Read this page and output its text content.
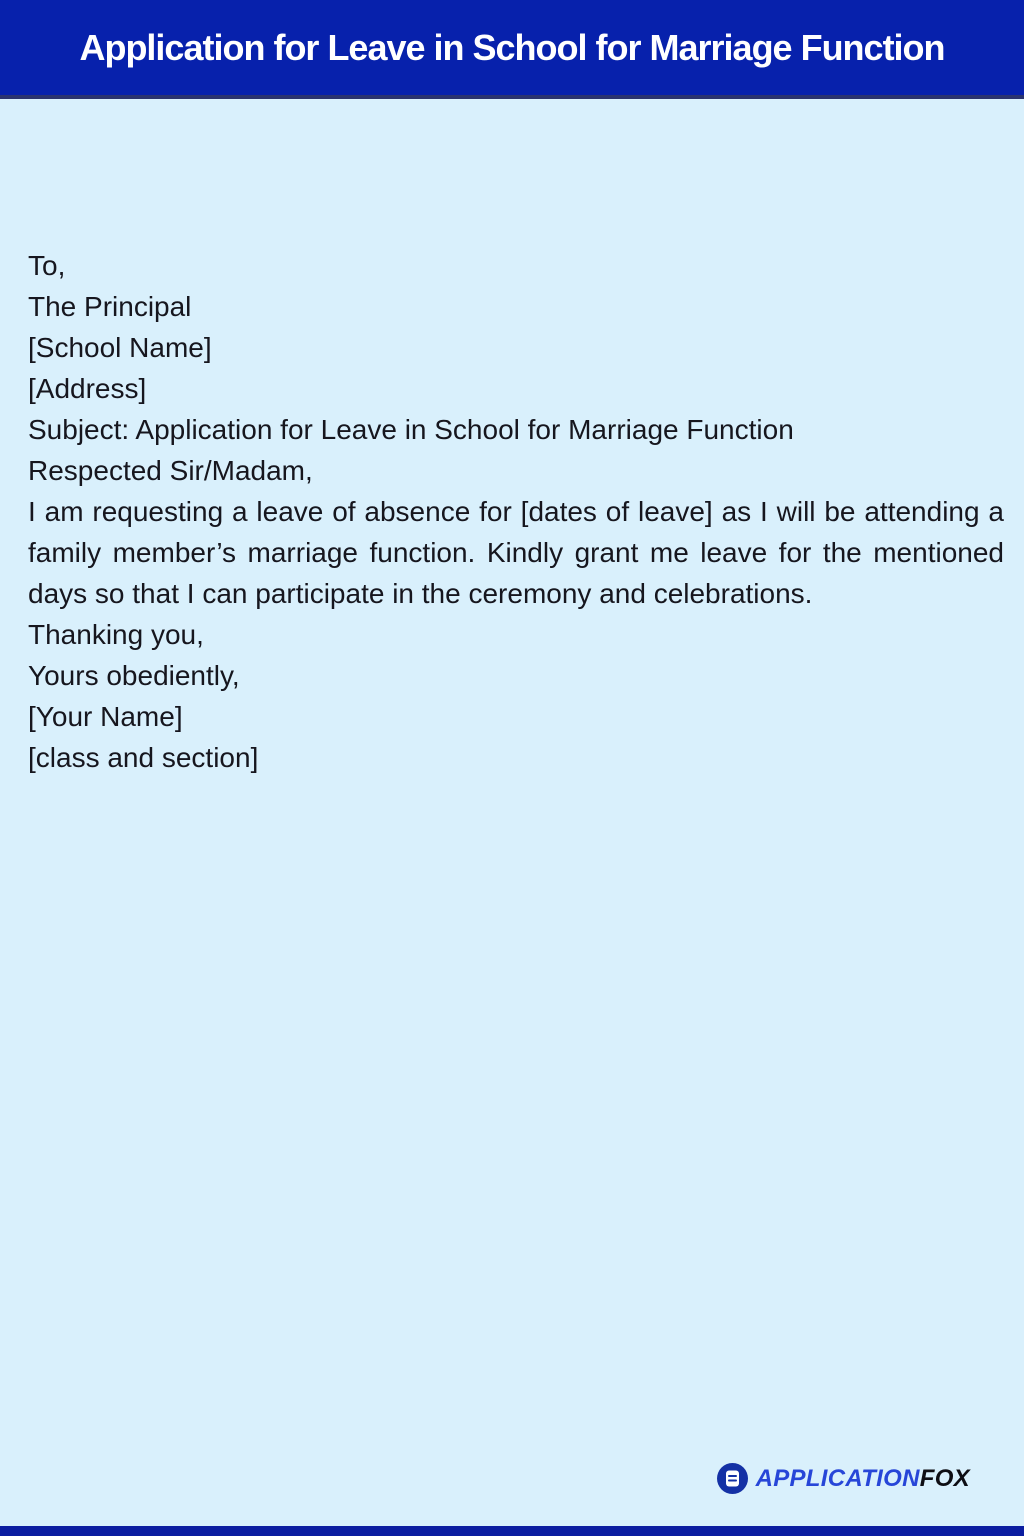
Application for Leave in School for Marriage Function

To,
The Principal
[School Name]
[Address]

Subject: Application for Leave in School for Marriage Function

Respected Sir/Madam,

I am requesting a leave of absence for [dates of leave] as I will be attending a family member’s marriage function. Kindly grant me leave for the mentioned days so that I can participate in the ceremony and celebrations.

Thanking you,

Yours obediently,
[Your Name]
[class and section]

APPLICATIONFOX
